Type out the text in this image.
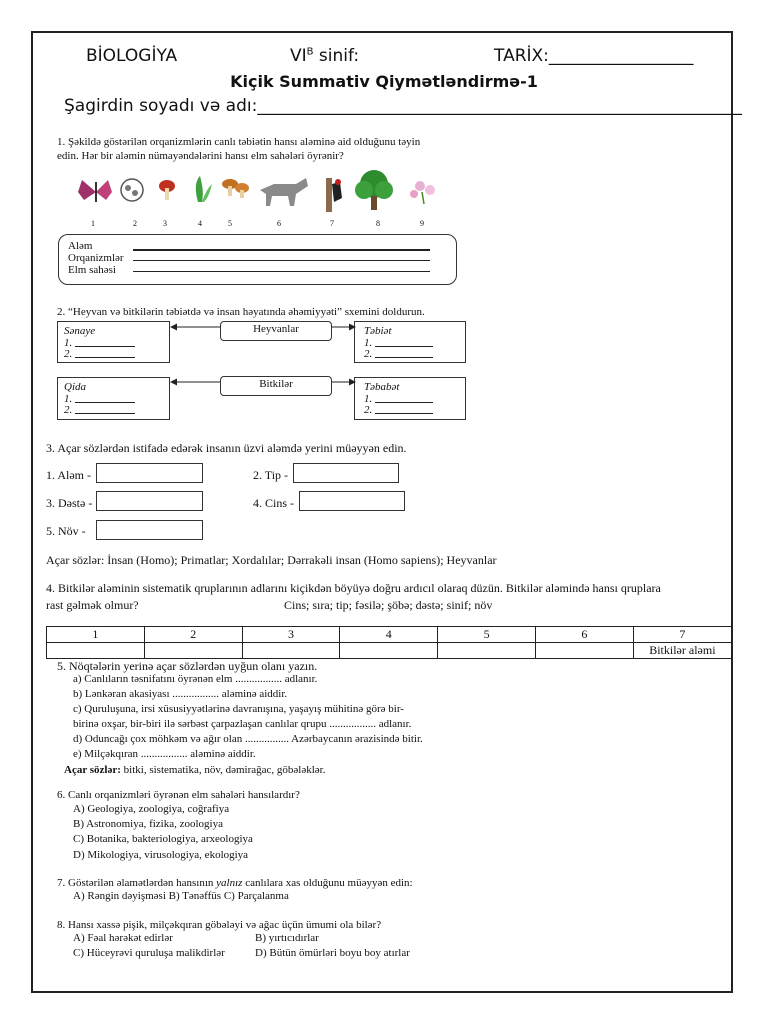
BİOLOGİYA	$VI^B$ sinif:	TARİX:_________________
Kiçik Summativ Qiymətləndirmə-1
Şagirdin soyadı və adı:_________________________________________________________
1. Şəkildə göstərilən orqanizmlərin canlı təbiətin hansı aləminə aid olduğunu təyin
edin. Hər bir aləmin nümayəndələrini hansı elm sahələri öyrənir?
1	2	3	4	5	6	7	8	9
Aləm
Orqanizmlər
Elm sahəsi
2. “Heyvan və bitkilərin təbiətdə və insan həyatında əhəmiyyəti” sxemini doldurun.
Sənaye
1.
2.
Heyvanlar	Təbiət
1.
2.
Qida
1.
2.
Bitkilər	Təbabət
1.
2.
3. Açar sözlərdən istifadə edərək insanın üzvi aləmdə yerini müəyyən edin.
1. Aləm -	2. Tip -
3. Dəstə -	4. Cins -
5. Növ -
Açar sözlər: İnsan (Homo); Primatlar; Xordalılar; Dərrakəli insan (Homo sapiens); Heyvanlar
4. Bitkilər aləminin sistematik qruplarının adlarını kiçikdən böyüyə doğru ardıcıl olaraq düzün. Bitkilər aləmində hansı qruplara
rast gəlmək olmur?	Cins; sıra; tip; fəsilə; şöbə; dəstə; sinif; növ
1	2	3	4	5	6	7
						Bitkilər aləmi
5. Nöqtələrin yerinə açar sözlərdən uyğun olanı yazın.
a) Canlıların təsnifatını öyrənən elm ................. adlanır.
b) Lənkəran akasiyası ................. aləminə aiddir.
c) Quruluşuna, irsi xüsusiyyətlərinə davranışına, yaşayış mühitinə görə bir-
birinə oxşar, bir-biri ilə sərbəst çarpazlaşan canlılar qrupu ................. adlanır.
d) Oduncağı çox möhkəm və ağır olan ................ Azərbaycanın ərazisində bitir.
e) Milçəkqıran ................. aləminə aiddir.
Açar sözlər: bitki, sistematika, növ, dəmirağac, göbələklər.
6. Canlı orqanizmləri öyrənən elm sahələri hansılardır?
A) Geologiya, zoologiya, coğrafiya
B) Astronomiya, fizika, zoologiya
C) Botanika, bakteriologiya, arxeologiya
D) Mikologiya, virusologiya, ekologiya
7. Göstərilən əlamətlərdən hansının yalnız canlılara xas olduğunu müəyyən edin:
A) Rəngin dəyişməsi B) Tənəffüs C) Parçalanma
8. Hansı xassə pişik, milçəkqıran göbələyi və ağac üçün ümumi ola bilər?
A) Fəal hərəkət edirlər	B) yırtıcıdırlar
C) Hüceyrəvi quruluşa malikdirlər	D) Bütün ömürləri boyu boy atırlar
